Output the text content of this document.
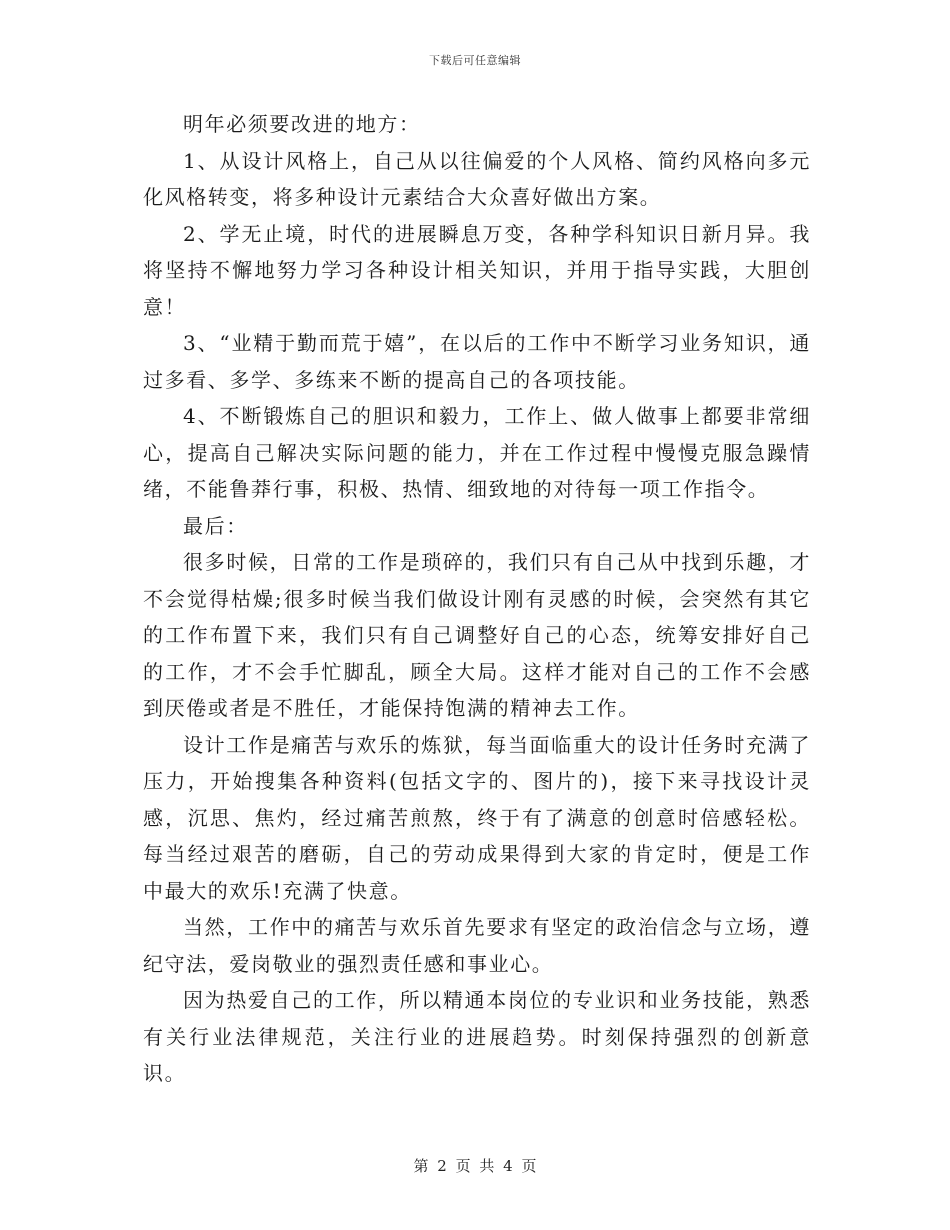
下载后可任意编辑

明年必须要改进的地方：

1、从设计风格上，自己从以往偏爱的个人风格、简约风格向多元化风格转变，将多种设计元素结合大众喜好做出方案。

2、学无止境，时代的进展瞬息万变，各种学科知识日新月异。我将坚持不懈地努力学习各种设计相关知识，并用于指导实践，大胆创意！

3、“业精于勤而荒于嬉”，在以后的工作中不断学习业务知识，通过多看、多学、多练来不断的提高自己的各项技能。

4、不断锻炼自己的胆识和毅力，工作上、做人做事上都要非常细心，提高自己解决实际问题的能力，并在工作过程中慢慢克服急躁情绪，不能鲁莽行事，积极、热情、细致地的对待每一项工作指令。

最后：

很多时候，日常的工作是琐碎的，我们只有自己从中找到乐趣，才不会觉得枯燥;很多时候当我们做设计刚有灵感的时候，会突然有其它的工作布置下来，我们只有自己调整好自己的心态，统筹安排好自己的工作，才不会手忙脚乱，顾全大局。这样才能对自己的工作不会感到厌倦或者是不胜任，才能保持饱满的精神去工作。

设计工作是痛苦与欢乐的炼狱，每当面临重大的设计任务时充满了压力，开始搜集各种资料(包括文字的、图片的)，接下来寻找设计灵感，沉思、焦灼，经过痛苦煎熬，终于有了满意的创意时倍感轻松。每当经过艰苦的磨砺，自己的劳动成果得到大家的肯定时，便是工作中最大的欢乐!充满了快意。

当然，工作中的痛苦与欢乐首先要求有坚定的政治信念与立场，遵纪守法，爱岗敬业的强烈责任感和事业心。

因为热爱自己的工作，所以精通本岗位的专业识和业务技能，熟悉有关行业法律规范，关注行业的进展趋势。时刻保持强烈的创新意识。

第 2 页 共 4 页
